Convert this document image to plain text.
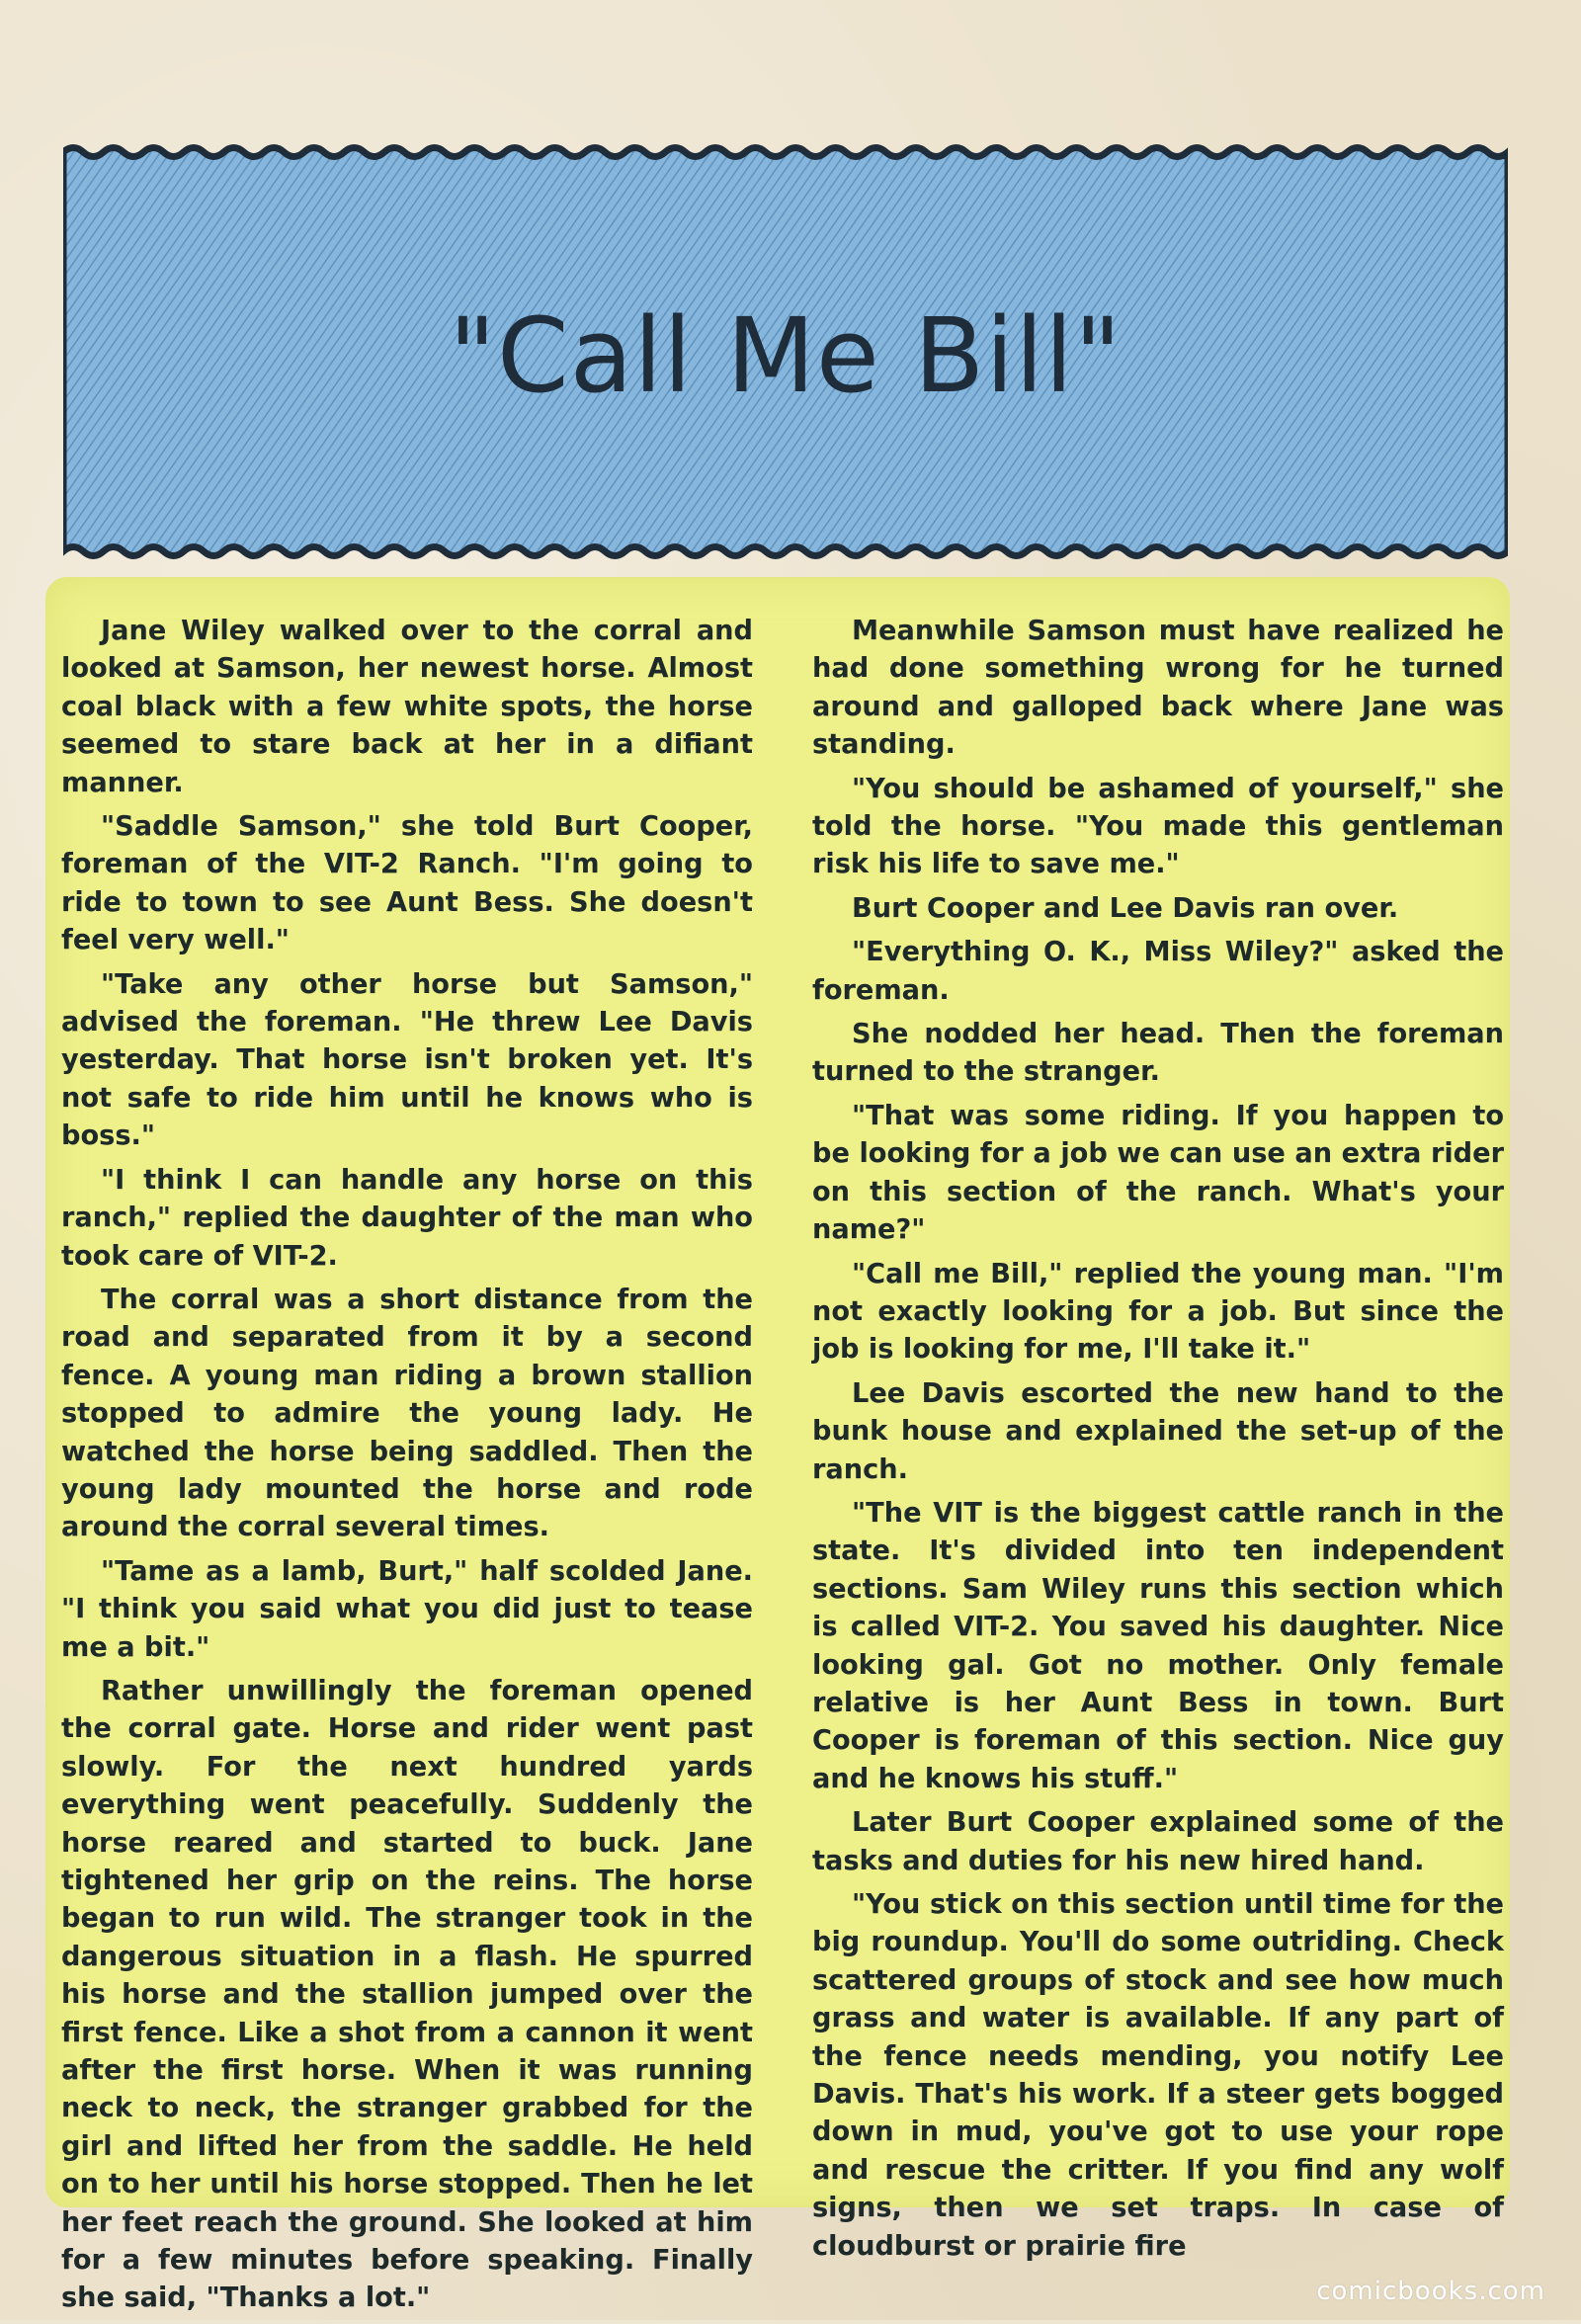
"Call Me Bill"

Jane Wiley walked over to the corral and looked at Samson, her newest horse. Almost coal black with a few white spots, the horse seemed to stare back at her in a difiant manner.

"Saddle Samson," she told Burt Cooper, foreman of the VIT-2 Ranch. "I'm going to ride to town to see Aunt Bess. She doesn't feel very well."

"Take any other horse but Samson," advised the foreman. "He threw Lee Davis yesterday. That horse isn't broken yet. It's not safe to ride him until he knows who is boss."

"I think I can handle any horse on this ranch," replied the daughter of the man who took care of VIT-2.

The corral was a short distance from the road and separated from it by a second fence. A young man riding a brown stallion stopped to admire the young lady. He watched the horse being saddled. Then the young lady mounted the horse and rode around the corral several times.

"Tame as a lamb, Burt," half scolded Jane. "I think you said what you did just to tease me a bit."

Rather unwillingly the foreman opened the corral gate. Horse and rider went past slowly. For the next hundred yards everything went peacefully. Suddenly the horse reared and started to buck. Jane tightened her grip on the reins. The horse began to run wild. The stranger took in the dangerous situation in a flash. He spurred his horse and the stallion jumped over the first fence. Like a shot from a cannon it went after the first horse. When it was running neck to neck, the stranger grabbed for the girl and lifted her from the saddle. He held on to her until his horse stopped. Then he let her feet reach the ground. She looked at him for a few minutes before speaking. Finally she said, "Thanks a lot."

Meanwhile Samson must have realized he had done something wrong for he turned around and galloped back where Jane was standing.

"You should be ashamed of yourself," she told the horse. "You made this gentleman risk his life to save me."

Burt Cooper and Lee Davis ran over.

"Everything O. K., Miss Wiley?" asked the foreman.

She nodded her head. Then the foreman turned to the stranger.

"That was some riding. If you happen to be looking for a job we can use an extra rider on this section of the ranch. What's your name?"

"Call me Bill," replied the young man. "I'm not exactly looking for a job. But since the job is looking for me, I'll take it."

Lee Davis escorted the new hand to the bunk house and explained the set-up of the ranch.

"The VIT is the biggest cattle ranch in the state. It's divided into ten independent sections. Sam Wiley runs this section which is called VIT-2. You saved his daughter. Nice looking gal. Got no mother. Only female relative is her Aunt Bess in town. Burt Cooper is foreman of this section. Nice guy and he knows his stuff."

Later Burt Cooper explained some of the tasks and duties for his new hired hand.

"You stick on this section until time for the big roundup. You'll do some outriding. Check scattered groups of stock and see how much grass and water is available. If any part of the fence needs mending, you notify Lee Davis. That's his work. If a steer gets bogged down in mud, you've got to use your rope and rescue the critter. If you find any wolf signs, then we set traps. In case of cloudburst or prairie fire

comicbooks.com
